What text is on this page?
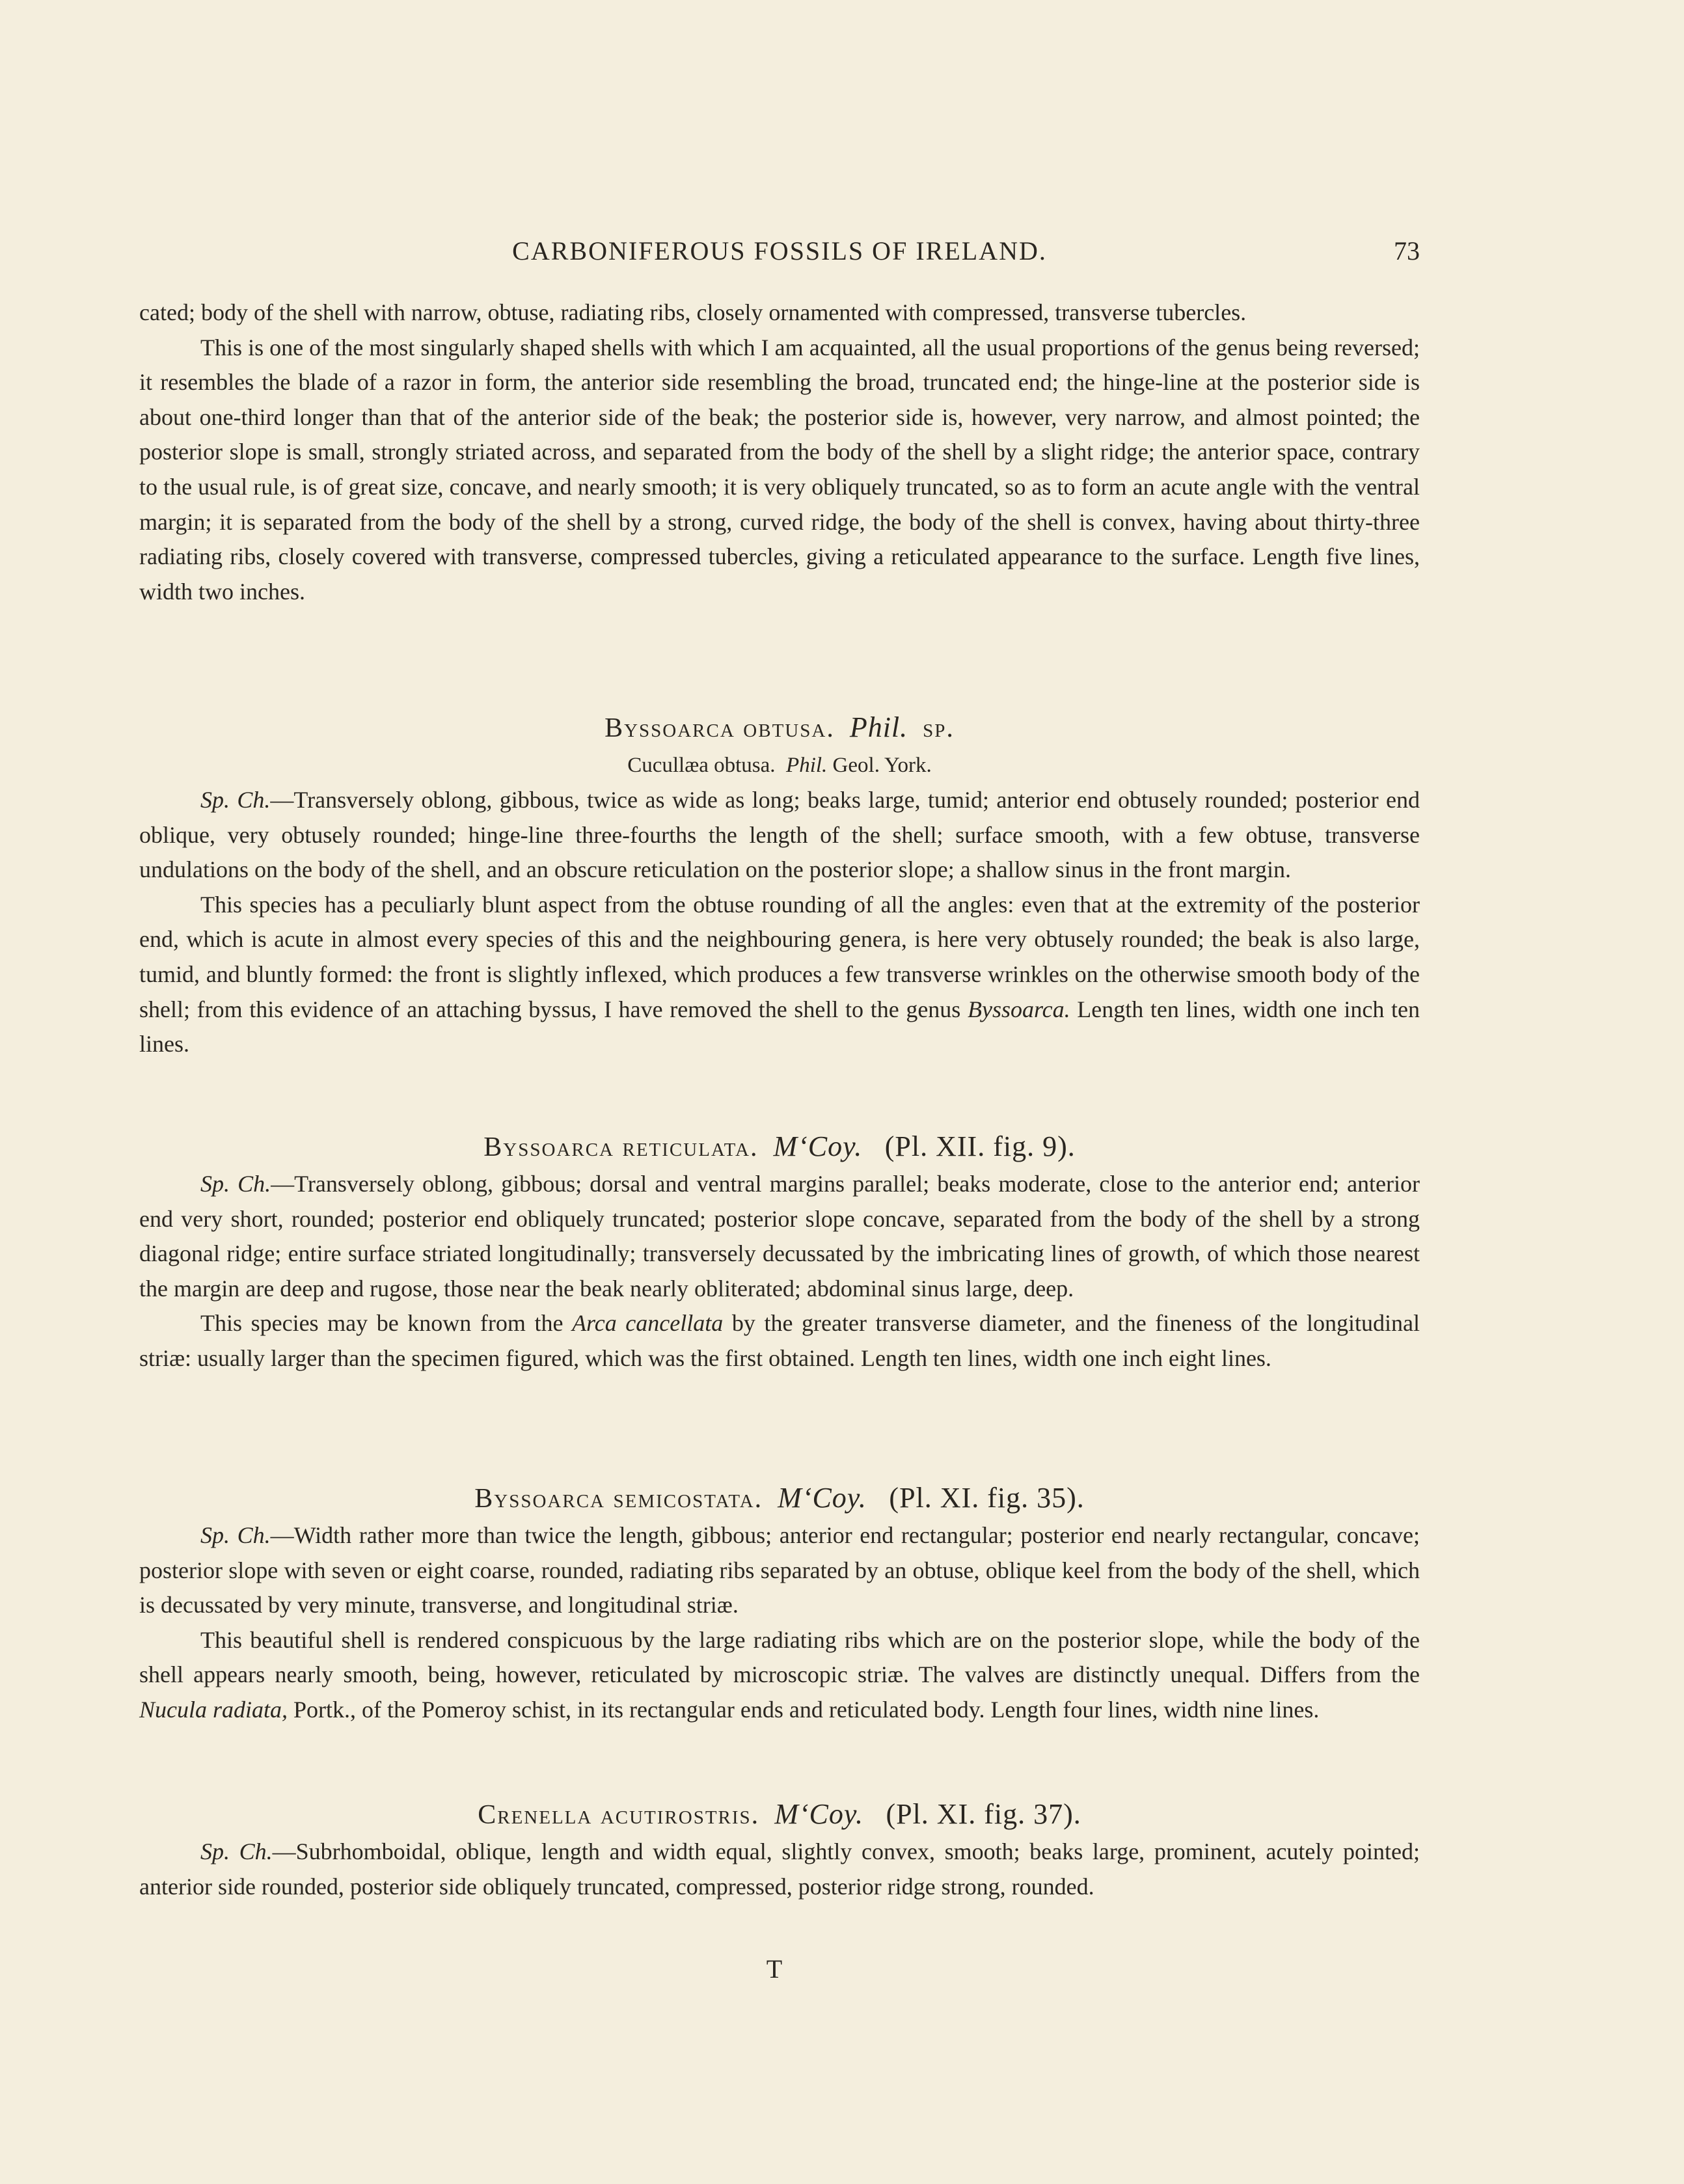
CARBONIFEROUS FOSSILS OF IRELAND.	73

cated; body of the shell with narrow, obtuse, radiating ribs, closely ornamented with compressed, transverse tubercles.

This is one of the most singularly shaped shells with which I am acquainted, all the usual proportions of the genus being reversed; it resembles the blade of a razor in form, the anterior side resembling the broad, truncated end; the hinge-line at the posterior side is about one-third longer than that of the anterior side of the beak; the posterior side is, however, very narrow, and almost pointed; the posterior slope is small, strongly striated across, and separated from the body of the shell by a slight ridge; the anterior space, contrary to the usual rule, is of great size, concave, and nearly smooth; it is very obliquely truncated, so as to form an acute angle with the ventral margin; it is separated from the body of the shell by a strong, curved ridge, the body of the shell is convex, having about thirty-three radiating ribs, closely covered with transverse, compressed tubercles, giving a reticulated appearance to the surface. Length five lines, width two inches.

Byssoarca obtusa. Phil. sp.
Cucullæa obtusa. Phil. Geol. York.

Sp. Ch.—Transversely oblong, gibbous, twice as wide as long; beaks large, tumid; anterior end obtusely rounded; posterior end oblique, very obtusely rounded; hinge-line three-fourths the length of the shell; surface smooth, with a few obtuse, transverse undulations on the body of the shell, and an obscure reticulation on the posterior slope; a shallow sinus in the front margin.

This species has a peculiarly blunt aspect from the obtuse rounding of all the angles: even that at the extremity of the posterior end, which is acute in almost every species of this and the neighbouring genera, is here very obtusely rounded; the beak is also large, tumid, and bluntly formed: the front is slightly inflexed, which produces a few transverse wrinkles on the otherwise smooth body of the shell; from this evidence of an attaching byssus, I have removed the shell to the genus Byssoarca. Length ten lines, width one inch ten lines.

Byssoarca reticulata. M‘Coy. (Pl. XII. fig. 9).

Sp. Ch.—Transversely oblong, gibbous; dorsal and ventral margins parallel; beaks moderate, close to the anterior end; anterior end very short, rounded; posterior end obliquely truncated; posterior slope concave, separated from the body of the shell by a strong diagonal ridge; entire surface striated longitudinally; transversely decussated by the imbricating lines of growth, of which those nearest the margin are deep and rugose, those near the beak nearly obliterated; abdominal sinus large, deep.

This species may be known from the Arca cancellata by the greater transverse diameter, and the fineness of the longitudinal striæ: usually larger than the specimen figured, which was the first obtained. Length ten lines, width one inch eight lines.

Byssoarca semicostata. M‘Coy. (Pl. XI. fig. 35).

Sp. Ch.—Width rather more than twice the length, gibbous; anterior end rectangular; posterior end nearly rectangular, concave; posterior slope with seven or eight coarse, rounded, radiating ribs separated by an obtuse, oblique keel from the body of the shell, which is decussated by very minute, transverse, and longitudinal striæ.

This beautiful shell is rendered conspicuous by the large radiating ribs which are on the posterior slope, while the body of the shell appears nearly smooth, being, however, reticulated by microscopic striæ. The valves are distinctly unequal. Differs from the Nucula radiata, Portk., of the Pomeroy schist, in its rectangular ends and reticulated body. Length four lines, width nine lines.

Crenella acutirostris. M‘Coy. (Pl. XI. fig. 37).

Sp. Ch.—Subrhomboidal, oblique, length and width equal, slightly convex, smooth; beaks large, prominent, acutely pointed; anterior side rounded, posterior side obliquely truncated, compressed, posterior ridge strong, rounded.

T
